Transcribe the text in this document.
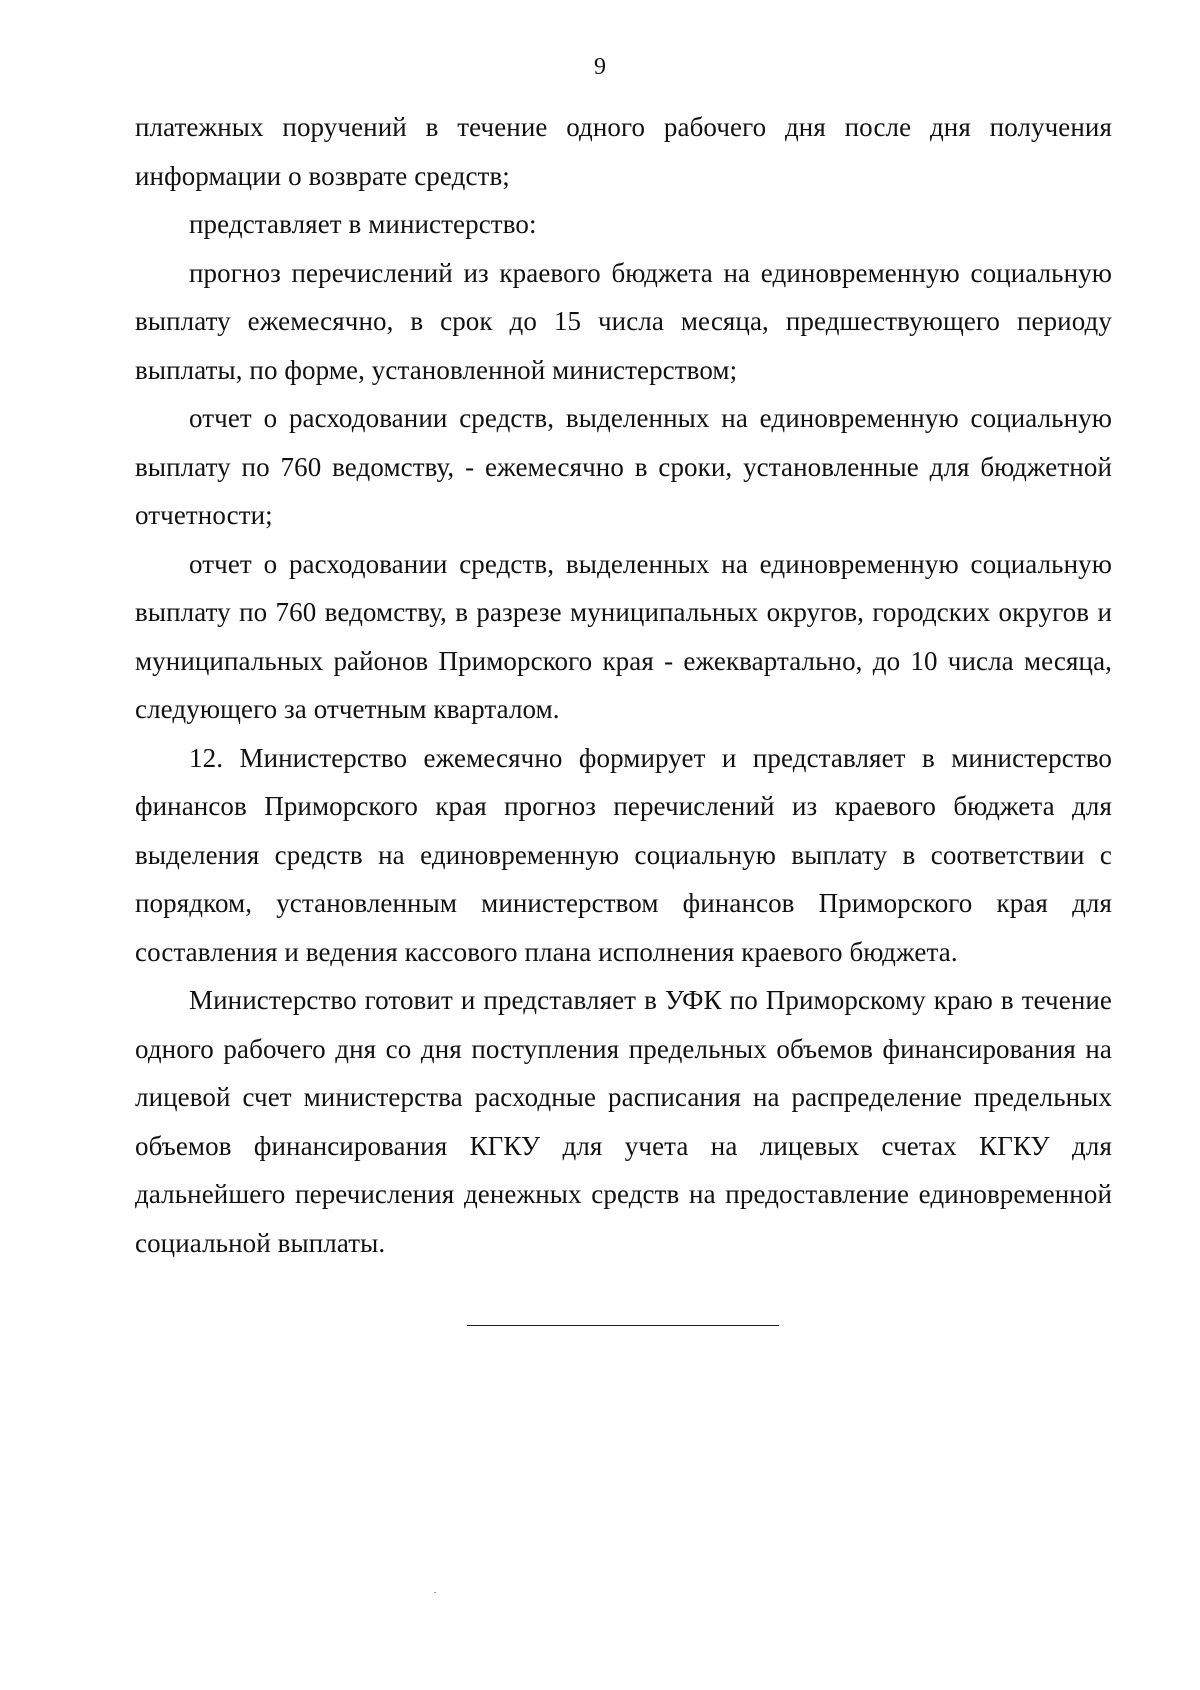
9

платежных поручений в течение одного рабочего дня после дня получения информации о возврате средств;

представляет в министерство:

прогноз перечислений из краевого бюджета на единовременную социальную выплату ежемесячно, в срок до 15 числа месяца, предшествующего периоду выплаты, по форме, установленной министерством;

отчет о расходовании средств, выделенных на единовременную социальную выплату по 760 ведомству, - ежемесячно в сроки, установленные для бюджетной отчетности;

отчет о расходовании средств, выделенных на единовременную социальную выплату по 760 ведомству, в разрезе муниципальных округов, городских округов и муниципальных районов Приморского края - ежеквартально, до 10 числа месяца, следующего за отчетным кварталом.

12. Министерство ежемесячно формирует и представляет в министерство финансов Приморского края прогноз перечислений из краевого бюджета для выделения средств на единовременную социальную выплату в соответствии с порядком, установленным министерством финансов Приморского края для составления и ведения кассового плана исполнения краевого бюджета.

Министерство готовит и представляет в УФК по Приморскому краю в течение одного рабочего дня со дня поступления предельных объемов финансирования на лицевой счет министерства расходные расписания на распределение предельных объемов финансирования КГКУ для учета на лицевых счетах КГКУ для дальнейшего перечисления денежных средств на предоставление единовременной социальной выплаты.
